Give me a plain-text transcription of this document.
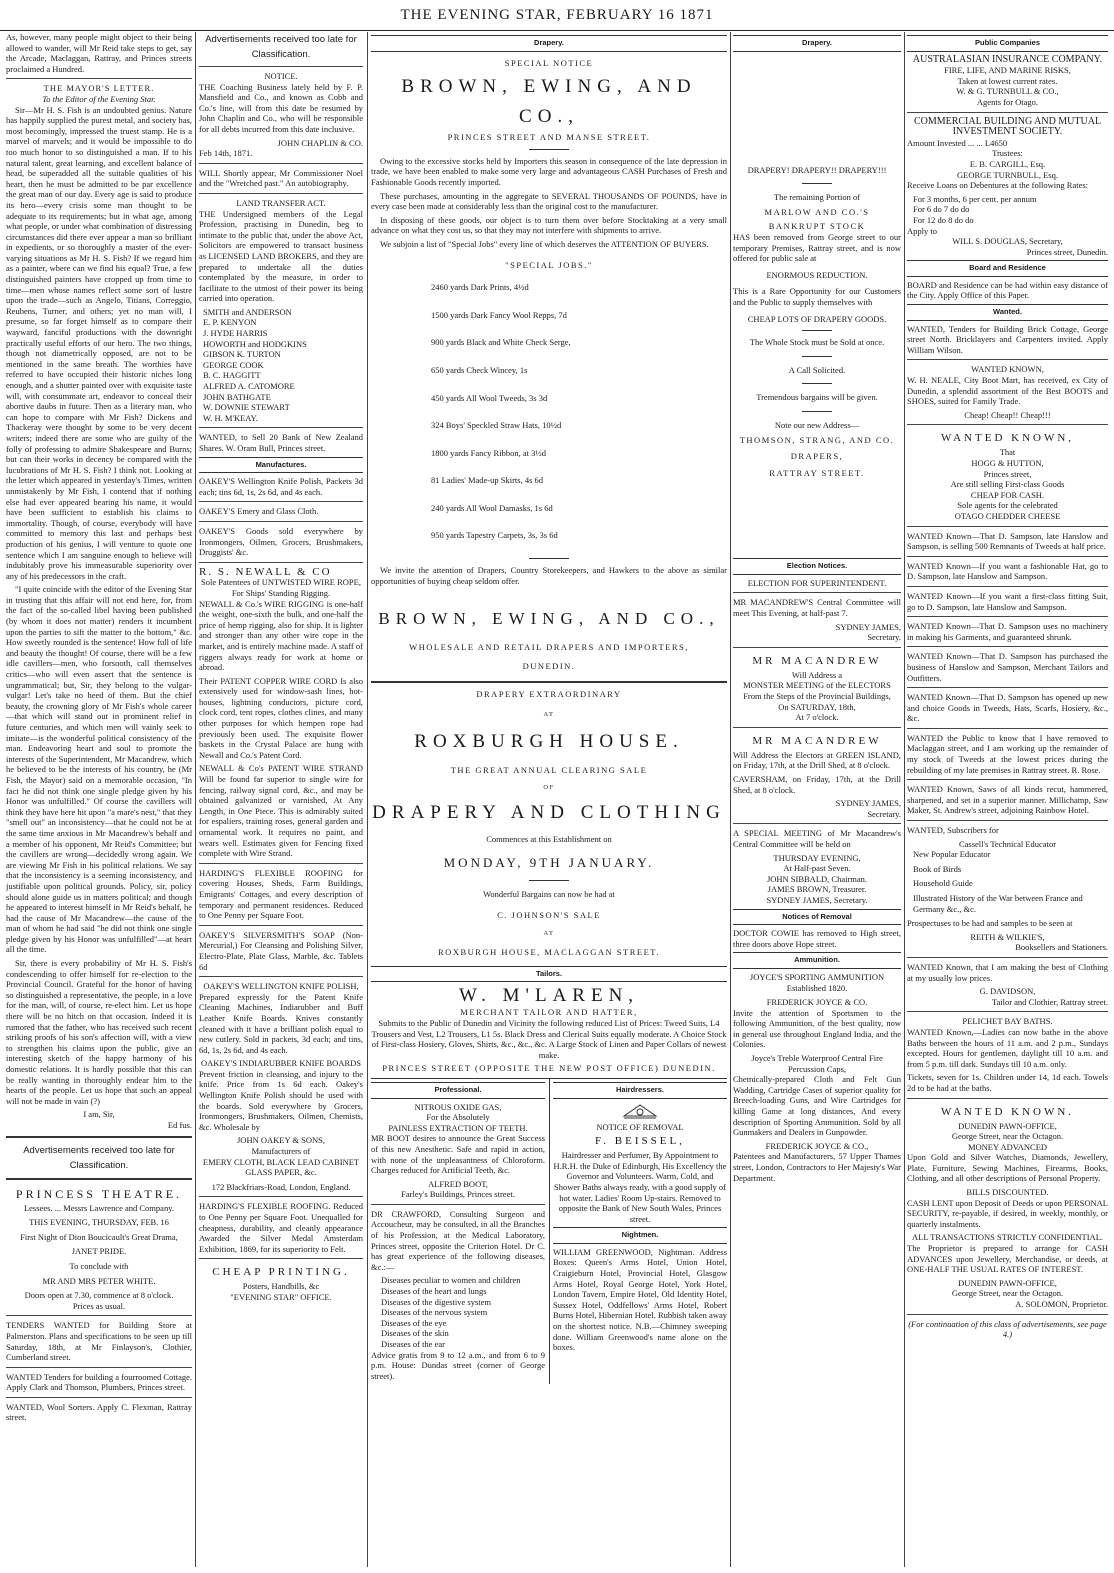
THE EVENING STAR, FEBRUARY 16 1871

As, however, many people might object to their being allowed to wander, will Mr Reid take steps to get, say the Arcade, Maclaggan, Rattray, and Princes streets proclaimed a Hundred.

THE MAYOR'S LETTER.
To the Editor of the Evening Star.

Sir—Mr H. S. Fish is an undoubted genius. Nature has happily supplied the purest metal, and society has, most becomingly, impressed the truest stamp. He is a marvel of marvels; and it would be impossible to do too much honor to so distinguished a man. If to his natural talent, great learning, and excellent balance of head, be superadded all the suitable qualities of his heart, then he must be admitted to be par excellence the great man of our day. Every age is said to produce its hero—every crisis some man thought to be adequate to its requirements; but in what age, among what people, or under what combination of distressing circumstances did there ever appear a man so brilliant in expedients, or so thoroughly a master of the ever-varying situations as Mr H. S. Fish? If we regard him as a painter, where can we find his equal? True, a few distinguished painters have cropped up from time to time—men whose names reflect some sort of lustre upon the trade—such as Angelo, Titians, Correggio, Reubens, Turner, and others; yet no man will, I presume, so far forget himself as to compare their wayward, fanciful productions with the downright practically useful efforts of our hero. The two things, though not diametrically opposed, are not to be mentioned in the same breath. The worthies have referred to have occupied their historic niches long enough, and a shutter painted over with exquisite taste will, with consummate art, endeavor to conceal their abortive daubs in future. Then as a literary man, who can hope to compare with Mr Fish? Dickens and Thackeray were thought by some to be very decent writers; indeed there are some who are guilty of the folly of professing to admire Shakespeare and Burns; but can their works in decency be compared with the lucubrations of Mr H. S. Fish? I think not. Looking at the letter which appeared in yesterday's Times, written unmistakenly by Mr Fish, I contend that if nothing else had ever appeared bearing his name, it would have been sufficient to establish his claims to immortality. Though, of course, everybody will have committed to memory this last and perhaps best production of his genius, I will venture to quote one sentence which I am sanguine enough to believe will indubitably prove his immeasurable superiority over any of his predecessors in the craft.

"I quite coincide with the editor of the Evening Star in trusting that this affair will not end here, for, from the fact of the so-called libel having been published (by whom it does not matter) renders it incumbent upon the parties to sift the matter to the bottom," &c. How sweetly rounded is the sentence! How full of life and beauty the thought! Of course, there will be a few idle cavillers—men, who forsooth, call themselves critics—who will even assert that the sentence is ungrammatical; but, Sir, they belong to the vulgar-vulgar! Let's take no heed of them. But the chief beauty, the crowning glory of Mr Fish's whole career—that which will stand out in prominent relief in future centuries, and which men will vainly seek to imitate—is the wonderful political consistency of the man. Endeavoring heart and soul to promote the interests of the Superintendent, Mr Macandrew, which he believed to be the interests of his country, he (Mr Fish, the Mayor) said on a memorable occasion, "In fact he did not think one single pledge given by his Honor was unfulfilled." Of course the cavillers will think they have here hit upon "a mare's nest," that they "smell out" an inconsistency—that he could not be at the same time anxious in Mr Macandrew's behalf and a member of his opponent, Mr Reid's Committee; but the cavillers are wrong—decidedly wrong again. We are viewing Mr Fish in his political relations. We say that the inconsistency is a seeming inconsistency, and justifiable upon political grounds. Policy, sir, policy should alone guide us in matters political; and though he appeared to interest himself in Mr Reid's behalf, he had the cause of Mr Macandrew—the cause of the man of whom he had said "he did not think one single pledge given by his Honor was unfulfilled"—at heart all the time.

Sir, there is every probability of Mr H. S. Fish's condescending to offer himself for re-election to the Provincial Council. Grateful for the honor of having so distinguished a representative, the people, in a love for the man, will, of course, re-elect him. Let us hope there will be no hitch on that occasion. Indeed it is rumored that the father, who has received such recent striking proofs of his son's affection will, with a view to strengthen his claims upon the public, give an interesting sketch of the happy harmony of his domestic relations. It is hardly possible that this can be really wanting in thoroughly endear him to the hearts of the people. Let us hope that such an appeal will not be made in vain (?)

I am, Sir,
Ed fus.
Advertisements received too late for Classification.
PRINCESS THEATRE.
Lessees. ... Messrs Lawrence and Company.
THIS EVENING, THURSDAY, FEB. 16
First Night of Dion Boucicault's Great Drama,
JANET PRIDE.
To conclude with
MR AND MRS PETER WHITE.
Doors open at 7.30, commence at 8 o'clock.
Prices as usual.

TENDERS WANTED for Building Store at Palmerston. Plans and specifications to be seen up till Saturday, 18th, at Mr Finlayson's, Clothier, Cumberland street.

WANTED Tenders for building a fourroomed Cottage. Apply Clark and Thomson, Plumbers, Princes street.

WANTED, Wool Sorters. Apply C. Flexman, Rattray street.

Advertisements received too late for Classification.
NOTICE.

THE Coaching Business lately held by F. P. Mansfield and Co., and known as Cobb and Co.'s line, will from this date be resumed by John Chaplin and Co., who will be responsible for all debts incurred from this date inclusive.

JOHN CHAPLIN & CO.
Feb 14th, 1871.

WILL Shortly appear, Mr Commissioner Noel and the "Wretched past." An autobiography.

LAND TRANSFER ACT.

THE Undersigned members of the Legal Profession, practising in Dunedin, beg to intimate to the public that, under the above Act, Solicitors are empowered to transact business as LICENSED LAND BROKERS, and they are prepared to undertake all the duties contemplated by the measure, in order to facilitate to the utmost of their power its being carried into operation.

SMITH and ANDERSON
E. P. KENYON
J. HYDE HARRIS
HOWORTH and HODGKINS
GIBSON K. TURTON
GEORGE COOK
B. C. HAGGITT
ALFRED A. CATOMORE
JOHN BATHGATE
W. DOWNIE STEWART
W. H. M'KEAY.

WANTED, to Sell 20 Bank of New Zealand Shares. W. Oram Bull, Princes street.

Manufactures.

OAKEY'S Wellington Knife Polish, Packets 3d each; tins 6d, 1s, 2s 6d, and 4s each.

OAKEY'S Emery and Glass Cloth.

OAKEY'S Goods sold everywhere by Ironmongers, Oilmen, Grocers, Brushmakers, Druggists' &c.

R. S. NEWALL & CO
Sole Patentees of UNTWISTED WIRE ROPE, For Ships' Standing Rigging.

NEWALL & Co.'s WIRE RIGGING is one-half the weight, one-sixth the bulk, and one-half the price of hemp rigging, also for ship. It is lighter and stronger than any other wire rope in the market, and is entirely machine made. A staff of riggers always ready for work at home or abroad.

Their PATENT COPPER WIRE CORD Is also extensively used for window-sash lines, hot-houses, lightning conductors, picture cord, clock cord, tent ropes, clothes clines, and many other purposes for which hempen rope had previously been used. The exquisite flower baskets in the Crystal Palace are hung with Newall and Co.'s Patent Cord.

NEWALL & Co's PATENT WIRE STRAND Will be found far superior to single wire for fencing, railway signal cord, &c., and may be obtained galvanized or varnished, At Any Length, in One Piece. This is admirably suited for espaliers, training roses, general garden and ornamental work. It requires no paint, and wears well. Estimates given for Fencing fixed complete with Wire Strand.

HARDING'S FLEXIBLE ROOFING for covering Houses, Sheds, Farm Buildings, Emigrants' Cottages, and every description of temporary and permanent residences. Reduced to One Penny per Square Foot.

OAKEY'S SILVERSMITH'S SOAP (Non-Mercurial,) For Cleansing and Polishing Silver, Electro-Plate, Plate Glass, Marble, &c. Tablets 6d

OAKEY'S WELLINGTON KNIFE POLISH,

Prepared expressly for the Patent Knife Cleaning Machines, Indiarubber and Buff Leather Knife Boards. Knives constantly cleaned with it have a brilliant polish equal to new cutlery. Sold in packets, 3d each; and tins, 6d, 1s, 2s 6d, and 4s each.

OAKEY'S INDIARUBBER KNIFE BOARDS

Prevent friction in cleansing, and injury to the knife. Price from 1s 6d each. Oakey's Wellington Knife Polish should be used with the boards. Sold everywhere by Grocers, Ironmongers, Brushmakers, Oilmen, Chemists, &c. Wholesale by

JOHN OAKEY & SONS,
Manufacturers of
EMERY CLOTH, BLACK LEAD CABINET GLASS PAPER, &c.
172 Blackfriars-Road, London, England.

HARDING'S FLEXIBLE ROOFING. Reduced to One Penny per Square Foot. Unequalled for cheapness, durability, and cleanly appearance Awarded the Silver Medal Amsterdam Exhibition, 1869, for its superiority to Felt.

CHEAP PRINTING.
Posters, Handbills, &c
"EVENING STAR" OFFICE.
Drapery.
SPECIAL NOTICE
BROWN, EWING, AND CO.,
PRINCES STREET AND MANSE STREET.

Owing to the excessive stocks held by Importers this season in consequence of the late depression in trade, we have been enabled to make some very large and advantageous CASH Purchases of Fresh and Fashionable Goods recently imported.

These purchases, amounting in the aggregate to SEVERAL THOUSANDS OF POUNDS, have in every case been made at considerably less than the original cost to the manufacturer.

In disposing of these goods, our object is to turn them over before Stocktaking at a very small advance on what they cost us, so that they may not interfere with shipments to arrive.

We subjoin a list of "Special Jobs" every line of which deserves the ATTENTION OF BUYERS.

"SPECIAL JOBS."
2460 yards Dark Prints, 4½d
1500 yards Dark Fancy Wool Repps, 7d
900 yards Black and White Check Serge,
650 yards Check Wincey, 1s
450 yards All Wool Tweeds, 3s 3d
324 Boys' Speckled Straw Hats, 10½d
1800 yards Fancy Ribbon, at 3½d
81 Ladies' Made-up Skirts, 4s 6d
240 yards All Wool Damasks, 1s 6d
950 yards Tapestry Carpets, 3s, 3s 6d

We invite the attention of Drapers, Country Storekeepers, and Hawkers to the above as similar opportunities of buying cheap seldom offer.

BROWN, EWING, AND CO.,
WHOLESALE AND RETAIL DRAPERS AND IMPORTERS,
DUNEDIN.
DRAPERY EXTRAORDINARY
AT
ROXBURGH HOUSE.
THE GREAT ANNUAL CLEARING SALE
OF
DRAPERY AND CLOTHING
Commences at this Establishment on
MONDAY, 9TH JANUARY.
Wonderful Bargains can now be had at
C. JOHNSON'S SALE
AT
ROXBURGH HOUSE, MACLAGGAN STREET.
Tailors.
W. M'LAREN,
MERCHANT TAILOR AND HATTER,

Submits to the Public of Dunedin and Vicinity the following reduced List of Prices: Tweed Suits, L4 Trousers and Vest, L2 Trousers, L1 5s. Black Dress and Clerical Suits equally moderate. A Choice Stock of First-class Hosiery, Gloves, Shirts, &c., &c., &c. A Large Stock of Linen and Paper Collars of newest make.

PRINCES STREET (OPPOSITE THE NEW POST OFFICE) DUNEDIN.
Professional.
NITROUS OXIDE GAS,
For the Absolutely
PAINLESS EXTRACTION OF TEETH.

MR BOOT desires to announce the Great Success of this new Anesthetic. Safe and rapid in action, with none of the unpleasantness of Chloroform. Charges reduced for Artificial Teeth, &c.

ALFRED BOOT,
Farley's Buildings, Princes street.

DR CRAWFORD, Consulting Surgeon and Accoucheur, may be consulted, in all the Branches of his Profession, at the Medical Laboratory, Princes street, opposite the Criterion Hotel. Dr C. has great experience of the following diseases, &c.:—

Diseases peculiar to women and children
Diseases of the heart and lungs
Diseases of the digestive system
Diseases of the nervous system
Diseases of the eye
Diseases of the skin
Diseases of the ear

Advice gratis from 9 to 12 a.m., and from 6 to 9 p.m. House: Dundas street (corner of George street).

Hairdressers.
NOTICE OF REMOVAL
F. BEISSEL,

Hairdresser and Perfumer, By Appointment to H.R.H. the Duke of Edinburgh, His Excellency the Governor and Volunteers. Warm, Cold, and Shower Baths always ready, with a good supply of hot water. Ladies' Room Up-stairs. Removed to opposite the Bank of New South Wales, Princes street.

Nightmen.

WILLIAM GREENWOOD, Nightman. Address Boxes: Queen's Arms Hotel, Union Hotel, Craigieburn Hotel, Provincial Hotel, Glasgow Arms Hotel, Royal George Hotel, York Hotel, London Tavern, Empire Hotel, Old Identity Hotel, Sussex Hotel, Oddfellows' Arms Hotel, Robert Burns Hotel, Hibernian Hotel. Rubbish taken away on the shortest notice. N.B.—Chimney sweeping done. William Greenwood's name alone on the boxes.

Drapery.
DRAPERY! DRAPERY!! DRAPERY!!!
The remaining Portion of
MARLOW AND CO.'S
BANKRUPT STOCK

HAS been removed from George street to our temporary Premises, Rattray street, and is now offered for public sale at

ENORMOUS REDUCTION.

This is a Rare Opportunity for our Customers and the Public to supply themselves with

CHEAP LOTS OF DRAPERY GOODS.
The Whole Stock must be Sold at once.
A Call Solicited.
Tremendous bargains will be given.
Note our new Address—
THOMSON, STRANG, AND CO.
DRAPERS,
RATTRAY STREET.
Election Notices.
ELECTION FOR SUPERINTENDENT.

MR MACANDREW'S Central Committee will meet This Evening, at half-past 7.

SYDNEY JAMES,
Secretary.
MR MACANDREW
Will Address a
MONSTER MEETING of the ELECTORS
From the Steps of the Provincial Buildings,
On SATURDAY, 18th,
At 7 o'clock.
MR MACANDREW

Will Address the Electors at GREEN ISLAND, on Friday, 17th, at the Drill Shed, at 8 o'clock.

CAVERSHAM, on Friday, 17th, at the Drill Shed, at 8 o'clock.

SYDNEY JAMES,
Secretary.

A SPECIAL MEETING of Mr Macandrew's Central Committee will be held on

THURSDAY EVENING,
At Half-past Seven.
JOHN SIBBALD, Chairman.
JAMES BROWN, Treasurer.
SYDNEY JAMES, Secretary.
Notices of Removal

DOCTOR COWIE has removed to High street, three doors above Hope street.

Ammunition.
JOYCE'S SPORTING AMMUNITION
Established 1820.
FREDERICK JOYCE & CO.

Invite the attention of Sportsmen to the following Ammunition, of the best quality, now in general use throughout England India, and the Colonies.

Joyce's Treble Waterproof Central Fire Percussion Caps,

Chemically-prepared Cloth and Felt Gun Wadding, Cartridge Cases of superior quality for Breech-loading Guns, and Wire Cartridges for killing Game at long distances, And every description of Sporting Ammunition. Sold by all Gunmakers and Dealers in Gunpowder.

FREDERICK JOYCE & CO.,

Patentees and Manufacturers, 57 Upper Thames street, London, Contractors to Her Majesty's War Department.

Public Companies
AUSTRALASIAN INSURANCE COMPANY.
FIRE, LIFE, AND MARINE RISKS,
Taken at lowest current rates.
W. & G. TURNBULL & CO.,
Agents for Otago.
COMMERCIAL BUILDING AND MUTUAL INVESTMENT SOCIETY.
Amount Invested ... ... L4650
Trustees:
E. B. CARGILL, Esq.
GEORGE TURNBULL, Esq.

Receive Loans on Debentures at the following Rates:

For 3 months, 6 per cent. per annum
For 6 do 7 do do
For 12 do 8 do do
Apply to
WILL S. DOUGLAS, Secretary,
Princes street, Dunedin.
Board and Residence

BOARD and Residence can be had within easy distance of the City. Apply Office of this Paper.

Wanted.

WANTED, Tenders for Building Brick Cottage, George street North. Bricklayers and Carpenters invited. Apply William Wilson.

WANTED KNOWN,

W. H. NEALE, City Boot Mart, has received, ex City of Dunedin, a splendid assortment of the Best BOOTS and SHOES, suited for Family Trade.

Cheap! Cheap!! Cheap!!!
WANTED KNOWN,
That
HOGG & HUTTON,
Princes street,
Are still selling First-class Goods
CHEAP FOR CASH.
Sole agents for the celebrated
OTAGO CHEDDER CHEESE

WANTED Known—That D. Sampson, late Hanslow and Sampson, is selling 500 Remnants of Tweeds at half price.

WANTED Known—If you want a fashionable Hat, go to D. Sampson, late Hanslow and Sampson.

WANTED Known—If you want a first-class fitting Suit, go to D. Sampson, late Hanslow and Sampson.

WANTED Known—That D. Sampson uses no machinery in making his Garments, and guaranteed shrunk.

WANTED Known—That D. Sampson has purchased the business of Hanslow and Sampson, Merchant Tailors and Outfitters.

WANTED Known—That D. Sampson has opened up new and choice Goods in Tweeds, Hats, Scarfs, Hosiery, &c., &c.

WANTED the Public to know that I have removed to Maclaggan street, and I am working up the remainder of my stock of Tweeds at the lowest prices during the rebuilding of my late premises in Rattray street. R. Rose.

WANTED Known, Saws of all kinds recut, hammered, sharpened, and set in a superior manner. Millichamp, Saw Maker, St. Andrew's street, adjoining Rainbow Hotel.

WANTED, Subscribers for

Cassell's Technical Educator
New Popular Educator
Book of Birds
Household Guide
Illustrated History of the War between France and Germany &c., &c.

Prospectuses to be had and samples to be seen at

REITH & WILKIE'S,
Booksellers and Stationers.

WANTED Known, that I am making the best of Clothing at my usually low prices.

G. DAVIDSON,
Tailor and Clothier, Rattray street.
PELICHET BAY BATHS.

WANTED Known,—Ladies can now bathe in the above Baths between the hours of 11 a.m. and 2 p.m., Sundays excepted. Hours for gentlemen, daylight till 10 a.m. and from 5 p.m. till dark. Sundays till 10 a.m. only.

Tickets, seven for 1s. Children under 14, 1d each. Towels 2d to be had at the baths.

WANTED KNOWN.
DUNEDIN PAWN-OFFICE,
George Street, near the Octagon.
MONEY ADVANCED

Upon Gold and Silver Watches, Diamonds, Jewellery, Plate, Furniture, Sewing Machines, Firearms, Books, Clothing, and all other descriptions of Personal Property.

BILLS DISCOUNTED.

CASH LENT upon Deposit of Deeds or upon PERSONAL SECURITY, re-payable, if desired, in weekly, monthly, or quarterly instalments.

ALL TRANSACTIONS STRICTLY CONFIDENTIAL.

The Proprietor is prepared to arrange for CASH ADVANCES upon Jewellery, Merchandise, or deeds, at ONE-HALF THE USUAL RATES OF INTEREST.

DUNEDIN PAWN-OFFICE,
George Street, near the Octagon.
A. SOLOMON, Proprietor.
(For continuation of this class of advertisements, see page 4.)
